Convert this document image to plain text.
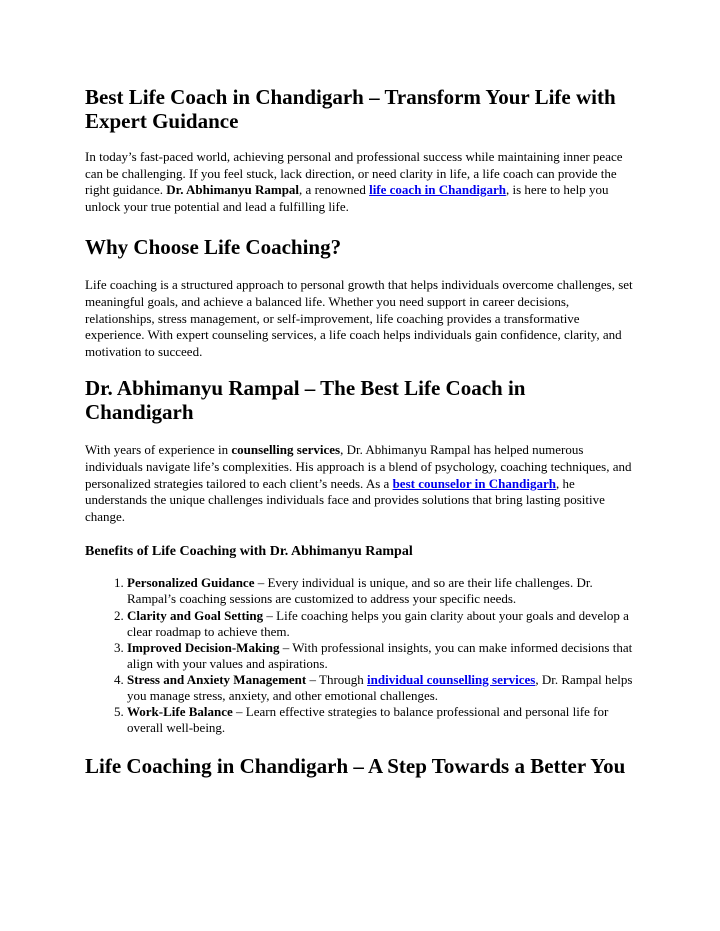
Best Life Coach in Chandigarh – Transform Your Life with Expert Guidance

In today’s fast-paced world, achieving personal and professional success while maintaining inner peace can be challenging. If you feel stuck, lack direction, or need clarity in life, a life coach can provide the right guidance. Dr. Abhimanyu Rampal, a renowned life coach in Chandigarh, is here to help you unlock your true potential and lead a fulfilling life.

Why Choose Life Coaching?

Life coaching is a structured approach to personal growth that helps individuals overcome challenges, set meaningful goals, and achieve a balanced life. Whether you need support in career decisions, relationships, stress management, or self-improvement, life coaching provides a transformative experience. With expert counseling services, a life coach helps individuals gain confidence, clarity, and motivation to succeed.

Dr. Abhimanyu Rampal – The Best Life Coach in Chandigarh

With years of experience in counselling services, Dr. Abhimanyu Rampal has helped numerous individuals navigate life’s complexities. His approach is a blend of psychology, coaching techniques, and personalized strategies tailored to each client’s needs. As a best counselor in Chandigarh, he understands the unique challenges individuals face and provides solutions that bring lasting positive change.

Benefits of Life Coaching with Dr. Abhimanyu Rampal
1. Personalized Guidance – Every individual is unique, and so are their life challenges. Dr. Rampal’s coaching sessions are customized to address your specific needs.
2. Clarity and Goal Setting – Life coaching helps you gain clarity about your goals and develop a clear roadmap to achieve them.
3. Improved Decision-Making – With professional insights, you can make informed decisions that align with your values and aspirations.
4. Stress and Anxiety Management – Through individual counselling services, Dr. Rampal helps you manage stress, anxiety, and other emotional challenges.
5. Work-Life Balance – Learn effective strategies to balance professional and personal life for overall well-being.
Life Coaching in Chandigarh – A Step Towards a Better You
